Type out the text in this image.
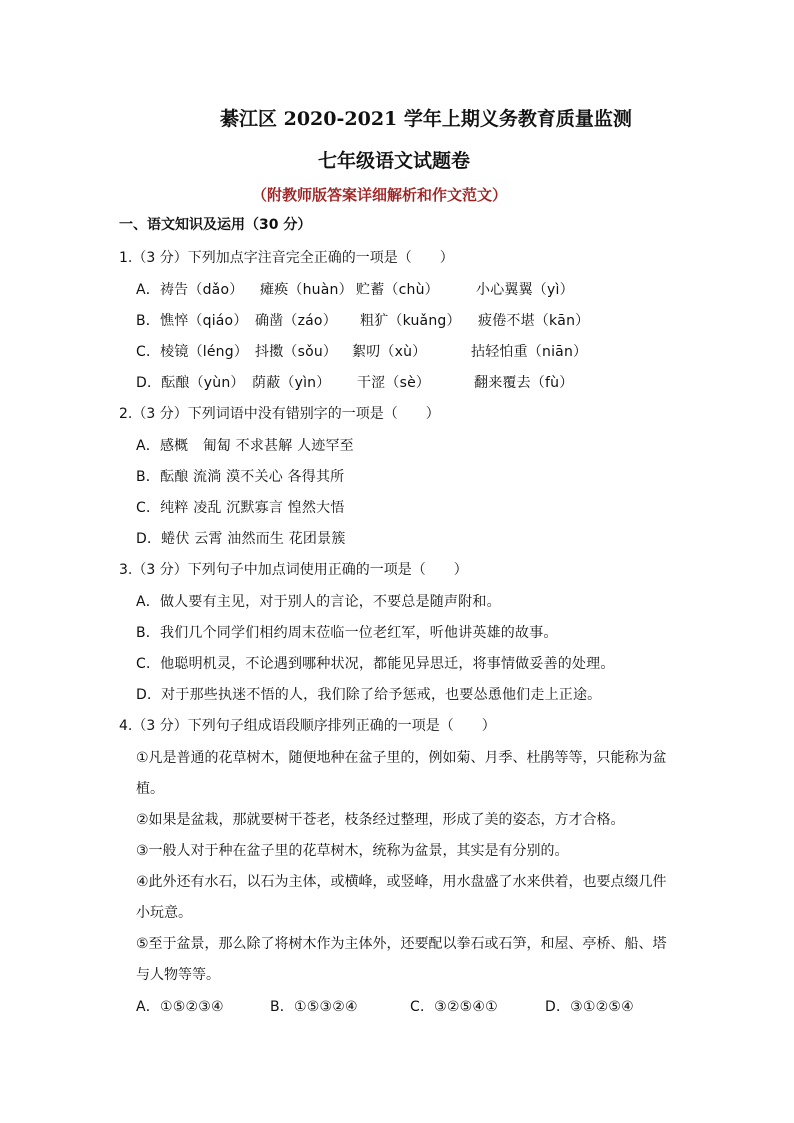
綦江区 2020-2021 学年上期义务教育质量监测
七年级语文试题卷
（附教师版答案详细解析和作文范文）
一、语文知识及运用（30 分）
1.（3 分）下列加点字注音完全正确的一项是（　　）
A．祷告（dǎo） 瘫痪（huàn） 贮蓄（chù）	小心翼翼（yì）
B．憔悴（qiáo） 确凿（záo） 粗犷（kuǎng） 疲倦不堪（kān）
C．棱镜（léng） 抖擞（sǒu） 絮叨（xù）	拈轻怕重（niān）
D．酝酿（yùn） 荫蔽（yìn） 干涩（sè）	翻来覆去（fù）
2.（3 分）下列词语中没有错别字的一项是（　　）
A．感概　匍匐 不求甚解 人迹罕至
B．酝酿 流淌 漠不关心 各得其所
C．纯粹 凌乱 沉默寡言 惶然大悟
D．蜷伏 云霄 油然而生 花团景簇
3.（3 分）下列句子中加点词使用正确的一项是（　　）
A．做人要有主见，对于别人的言论，不要总是随声附和。
B．我们几个同学们相约周末莅临一位老红军，听他讲英雄的故事。
C．他聪明机灵，不论遇到哪种状况，都能见异思迁，将事情做妥善的处理。
D．对于那些执迷不悟的人，我们除了给予惩戒，也要怂恿他们走上正途。
4.（3 分）下列句子组成语段顺序排列正确的一项是（　　）
①凡是普通的花草树木，随便地种在盆子里的，例如菊、月季、杜鹃等等，只能称为盆
植。
②如果是盆栽，那就要树干苍老，枝条经过整理，形成了美的姿态，方才合格。
③一般人对于种在盆子里的花草树木，统称为盆景，其实是有分别的。
④此外还有水石，以石为主体，或横峰，或竖峰，用水盘盛了水来供着，也要点缀几件
小玩意。
⑤至于盆景，那么除了将树木作为主体外，还要配以拳石或石笋，和屋、亭桥、船、塔
与人物等等。
A．①⑤②③④	B．①⑤③②④	C．③②⑤④①	D．③①②⑤④
